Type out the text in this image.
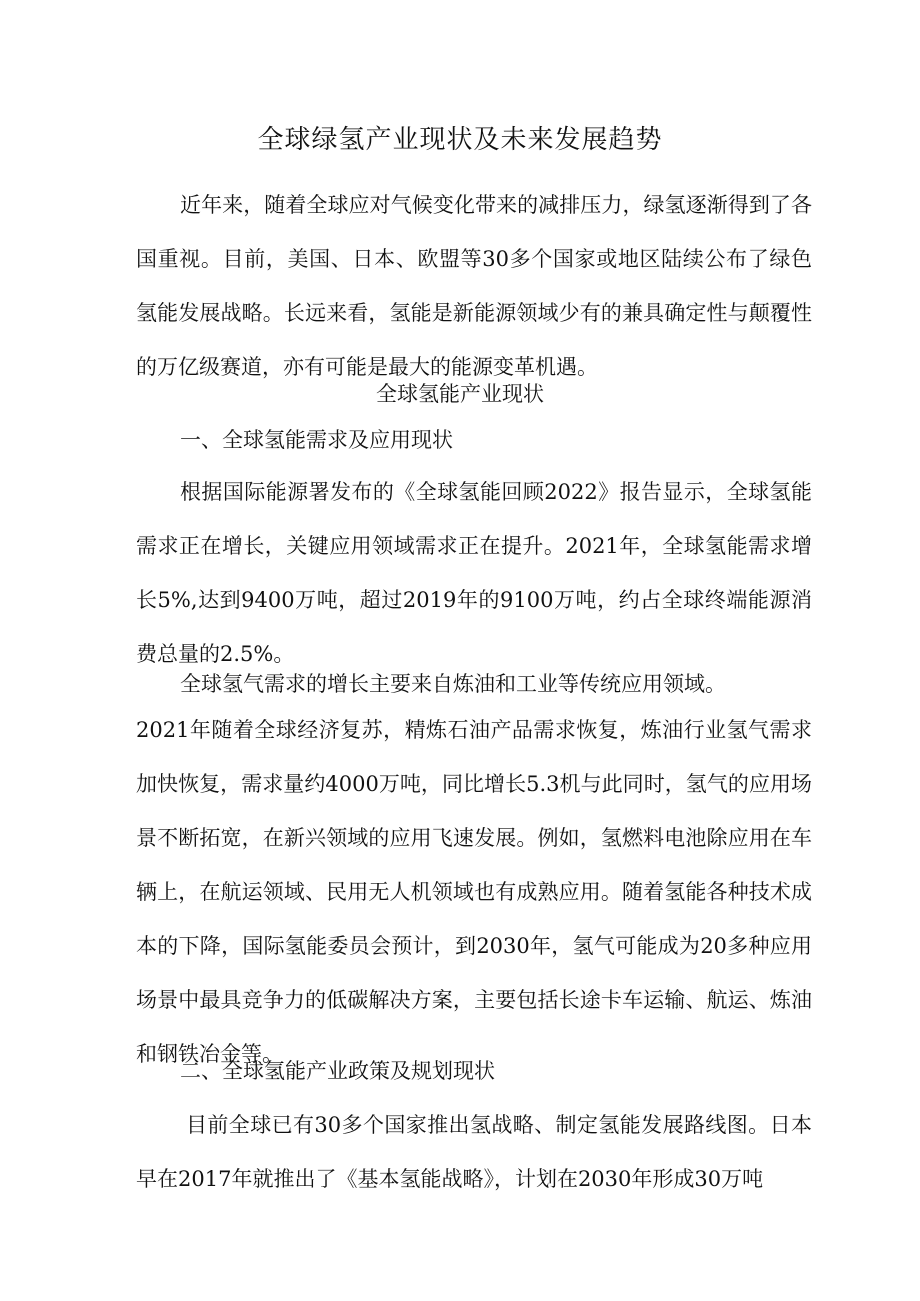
全球绿氢产业现状及未来发展趋势

近年来，随着全球应对气候变化带来的减排压力，绿氢逐渐得到了各国重视。目前，美国、日本、欧盟等30多个国家或地区陆续公布了绿色氢能发展战略。长远来看，氢能是新能源领域少有的兼具确定性与颠覆性的万亿级赛道，亦有可能是最大的能源变革机遇。

全球氢能产业现状

一、全球氢能需求及应用现状

根据国际能源署发布的《全球氢能回顾2022》报告显示，全球氢能需求正在增长，关键应用领域需求正在提升。2021年，全球氢能需求增长5%,达到9400万吨，超过2019年的9100万吨，约占全球终端能源消费总量的2.5%。

全球氢气需求的增长主要来自炼油和工业等传统应用领域。

2021年随着全球经济复苏，精炼石油产品需求恢复，炼油行业氢气需求加快恢复，需求量约4000万吨，同比增长5.3机与此同时，氢气的应用场景不断拓宽，在新兴领域的应用飞速发展。例如，氢燃料电池除应用在车辆上，在航运领域、民用无人机领域也有成熟应用。随着氢能各种技术成本的下降，国际氢能委员会预计，到2030年，氢气可能成为20多种应用场景中最具竞争力的低碳解决方案，主要包括长途卡车运输、航运、炼油和钢铁冶金等。

二、全球氢能产业政策及规划现状

目前全球已有30多个国家推出氢战略、制定氢能发展路线图。日本早在2017年就推出了《基本氢能战略》，计划在2030年形成30万吨
